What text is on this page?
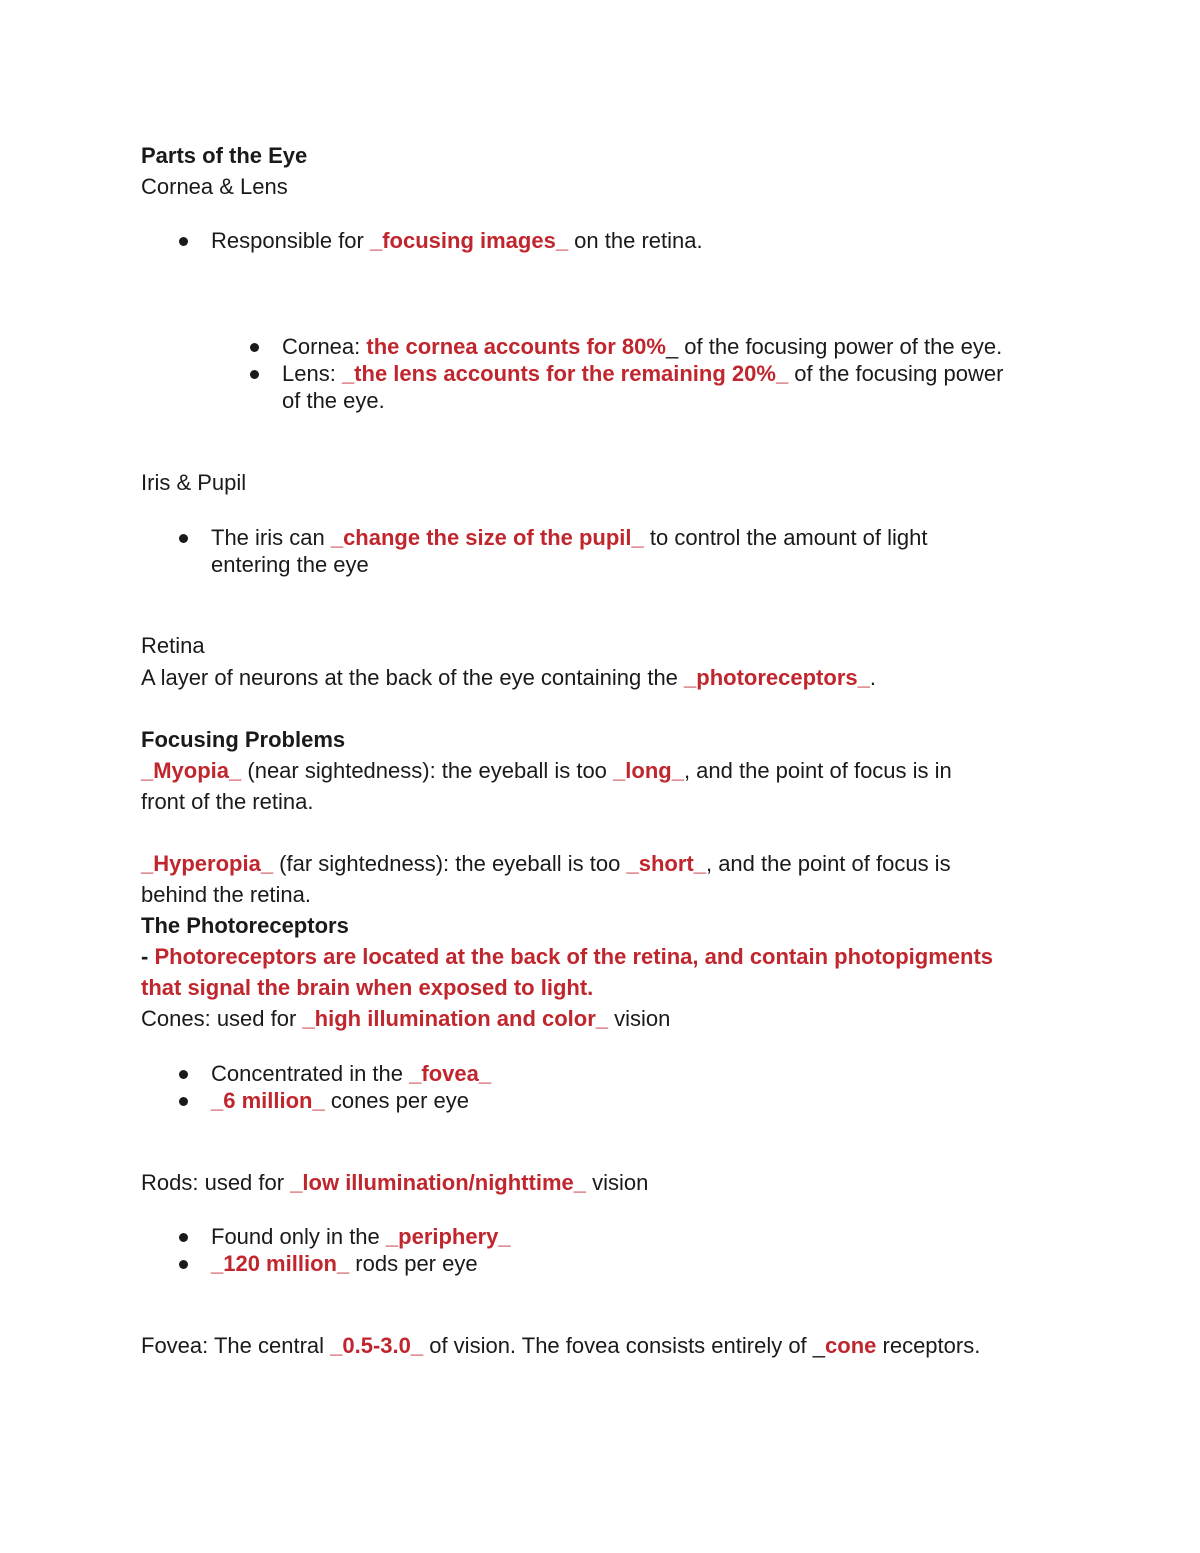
Parts of the Eye

Cornea & Lens

Responsible for _focusing images_ on the retina.

Cornea: the cornea accounts for 80%_ of the focusing power of the eye.

Lens: _the lens accounts for the remaining 20%_ of the focusing power

of the eye.

Iris & Pupil

The iris can _change the size of the pupil_ to control the amount of light

entering the eye

Retina

A layer of neurons at the back of the eye containing the _photoreceptors_.

Focusing Problems

_Myopia_ (near sightedness): the eyeball is too _long_, and the point of focus is in

front of the retina.

_Hyperopia_ (far sightedness): the eyeball is too _short_, and the point of focus is

behind the retina.

The Photoreceptors

- Photoreceptors are located at the back of the retina, and contain photopigments

that signal the brain when exposed to light.

Cones: used for _high illumination and color_ vision

Concentrated in the _fovea_

_6 million_ cones per eye

Rods: used for _low illumination/nighttime_ vision

Found only in the _periphery_

_120 million_ rods per eye

Fovea: The central _0.5-3.0_ of vision. The fovea consists entirely of _cone receptors.
